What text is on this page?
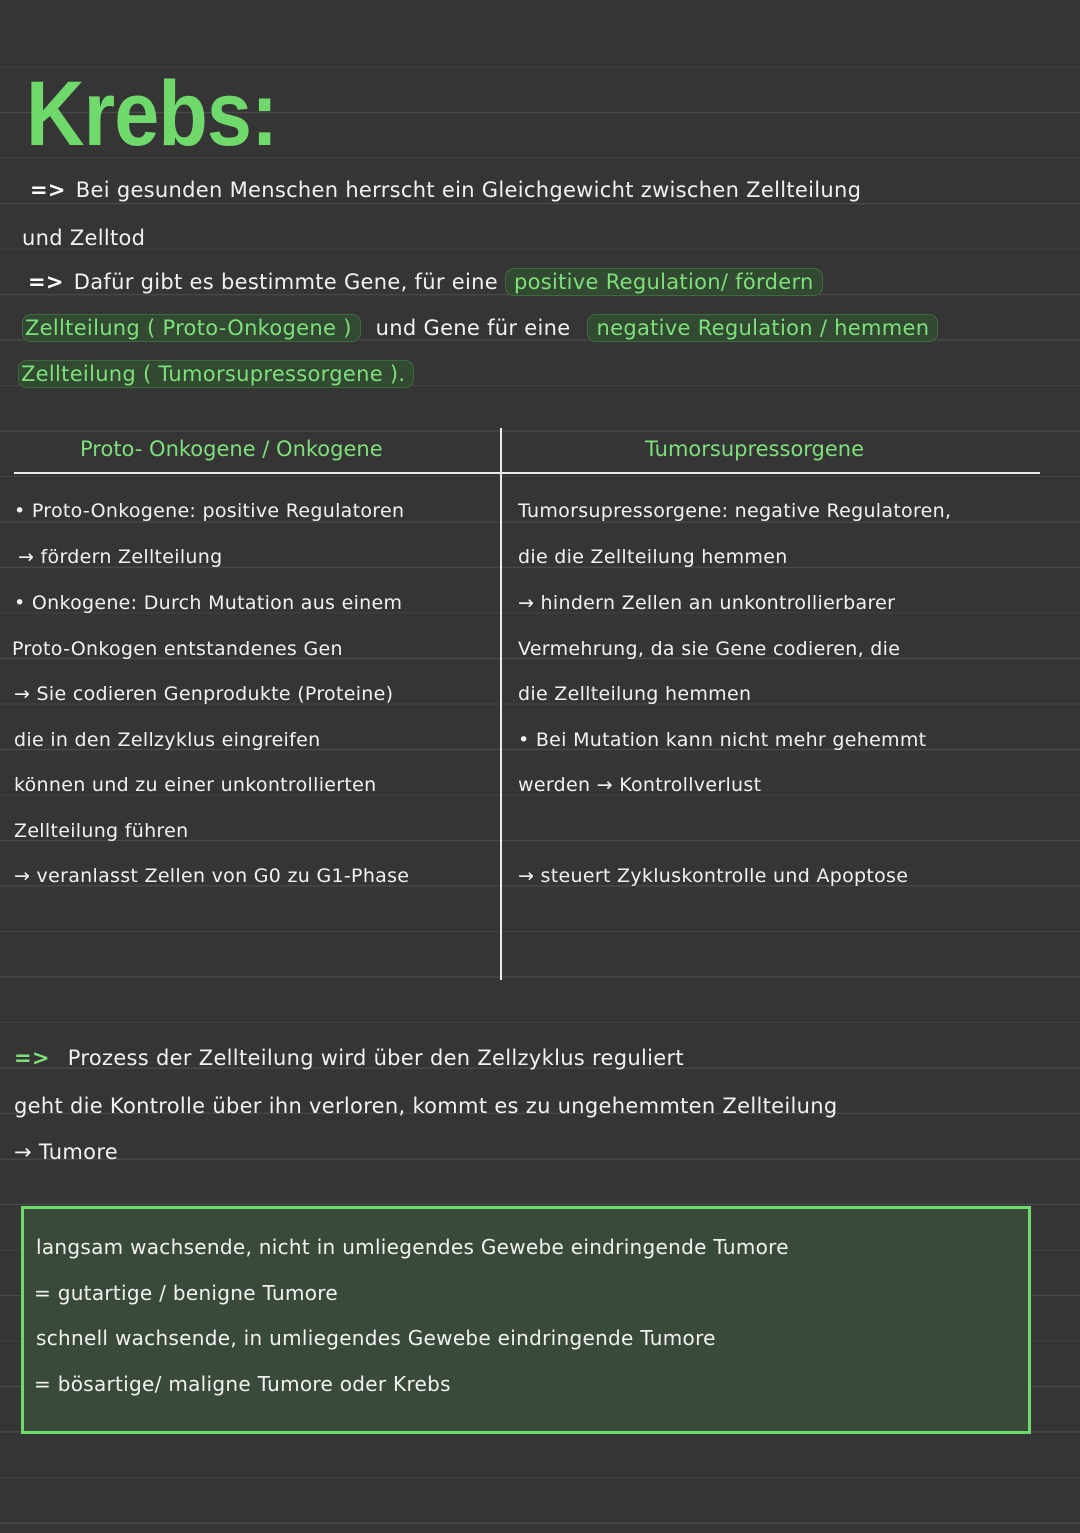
Krebs:
=> Bei gesunden Menschen herrscht ein Gleichgewicht zwischen Zellteilung
und Zelltod
=> Dafür gibt es bestimmte Gene, für eine positive Regulation/ fördern
Zellteilung ( Proto-Onkogene ) und Gene für eine negative Regulation / hemmen
Zellteilung ( Tumorsupressorgene ).
Proto- Onkogene / Onkogene	Tumorsupressorgene
• Proto-Onkogene: positive Regulatoren
→ fördern Zellteilung
• Onkogene: Durch Mutation aus einem
Proto-Onkogen entstandenes Gen
→ Sie codieren Genprodukte (Proteine)
die in den Zellzyklus eingreifen
können und zu einer unkontrollierten
Zellteilung führen
→ veranlasst Zellen von G0 zu G1-Phase
Tumorsupressorgene: negative Regulatoren,
die die Zellteilung hemmen
→ hindern Zellen an unkontrollierbarer
Vermehrung, da sie Gene codieren, die
die Zellteilung hemmen
• Bei Mutation kann nicht mehr gehemmt
werden → Kontrollverlust
→ steuert Zykluskontrolle und Apoptose
=> Prozess der Zellteilung wird über den Zellzyklus reguliert
geht die Kontrolle über ihn verloren, kommt es zu ungehemmten Zellteilung
→ Tumore
langsam wachsende, nicht in umliegendes Gewebe eindringende Tumore
= gutartige / benigne Tumore
schnell wachsende, in umliegendes Gewebe eindringende Tumore
= bösartige/ maligne Tumore oder Krebs
